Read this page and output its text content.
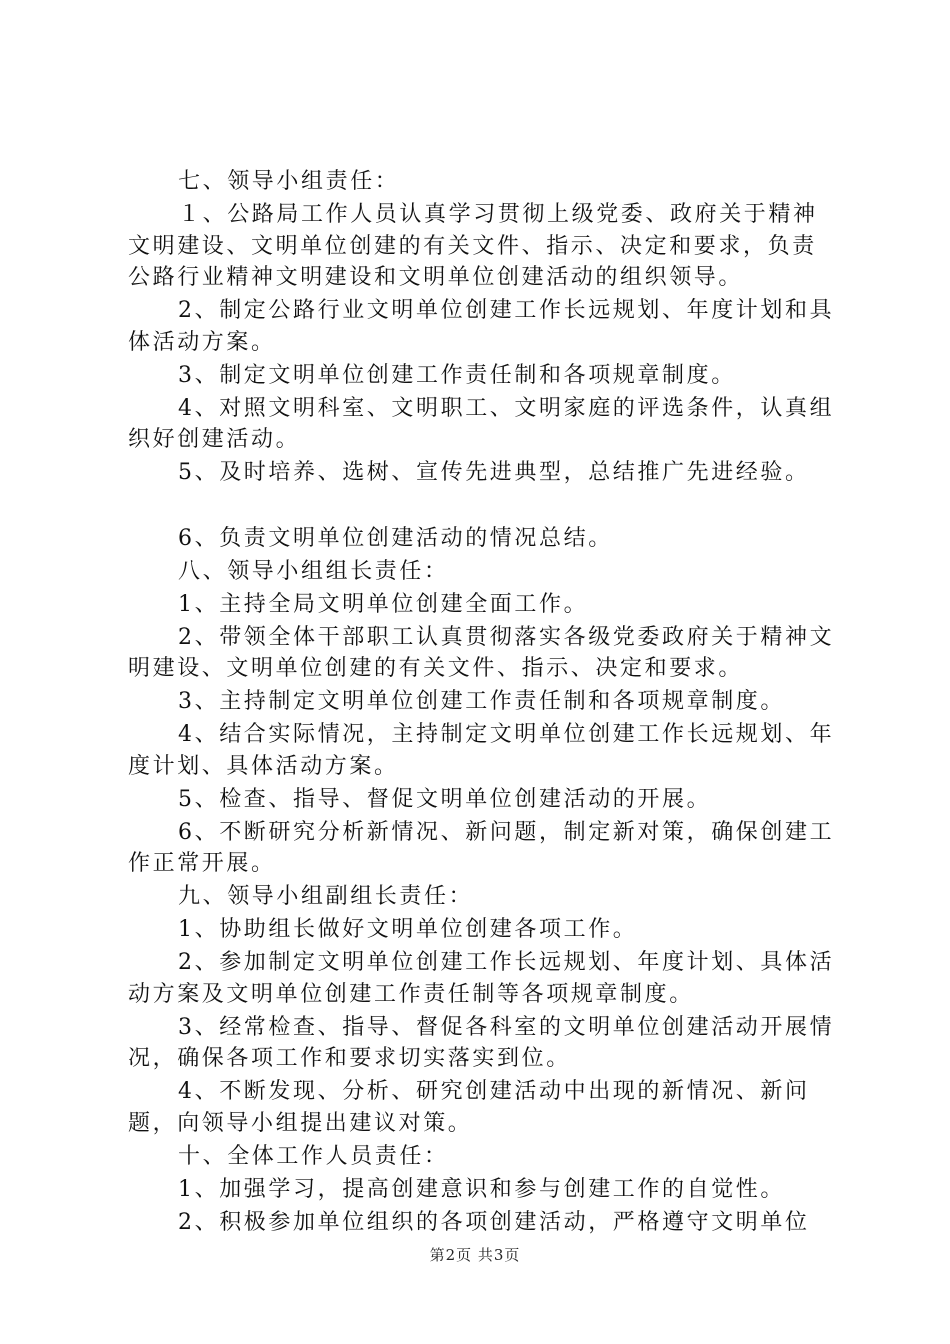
七、领导小组责任：

１、公路局工作人员认真学习贯彻上级党委、政府关于精神文明建设、文明单位创建的有关文件、指示、决定和要求，负责公路行业精神文明建设和文明单位创建活动的组织领导。

2、制定公路行业文明单位创建工作长远规划、年度计划和具体活动方案。

3、制定文明单位创建工作责任制和各项规章制度。

4、对照文明科室、文明职工、文明家庭的评选条件，认真组织好创建活动。

5、及时培养、选树、宣传先进典型，总结推广先进经验。

6、负责文明单位创建活动的情况总结。

八、领导小组组长责任：

1、主持全局文明单位创建全面工作。

2、带领全体干部职工认真贯彻落实各级党委政府关于精神文明建设、文明单位创建的有关文件、指示、决定和要求。

3、主持制定文明单位创建工作责任制和各项规章制度。

4、结合实际情况，主持制定文明单位创建工作长远规划、年度计划、具体活动方案。

5、检查、指导、督促文明单位创建活动的开展。

6、不断研究分析新情况、新问题，制定新对策，确保创建工作正常开展。

九、领导小组副组长责任：

1、协助组长做好文明单位创建各项工作。

2、参加制定文明单位创建工作长远规划、年度计划、具体活动方案及文明单位创建工作责任制等各项规章制度。

3、经常检查、指导、督促各科室的文明单位创建活动开展情况，确保各项工作和要求切实落实到位。

4、不断发现、分析、研究创建活动中出现的新情况、新问题，向领导小组提出建议对策。

十、全体工作人员责任：

1、加强学习，提高创建意识和参与创建工作的自觉性。

2、积极参加单位组织的各项创建活动，严格遵守文明单位

第2页 共3页
